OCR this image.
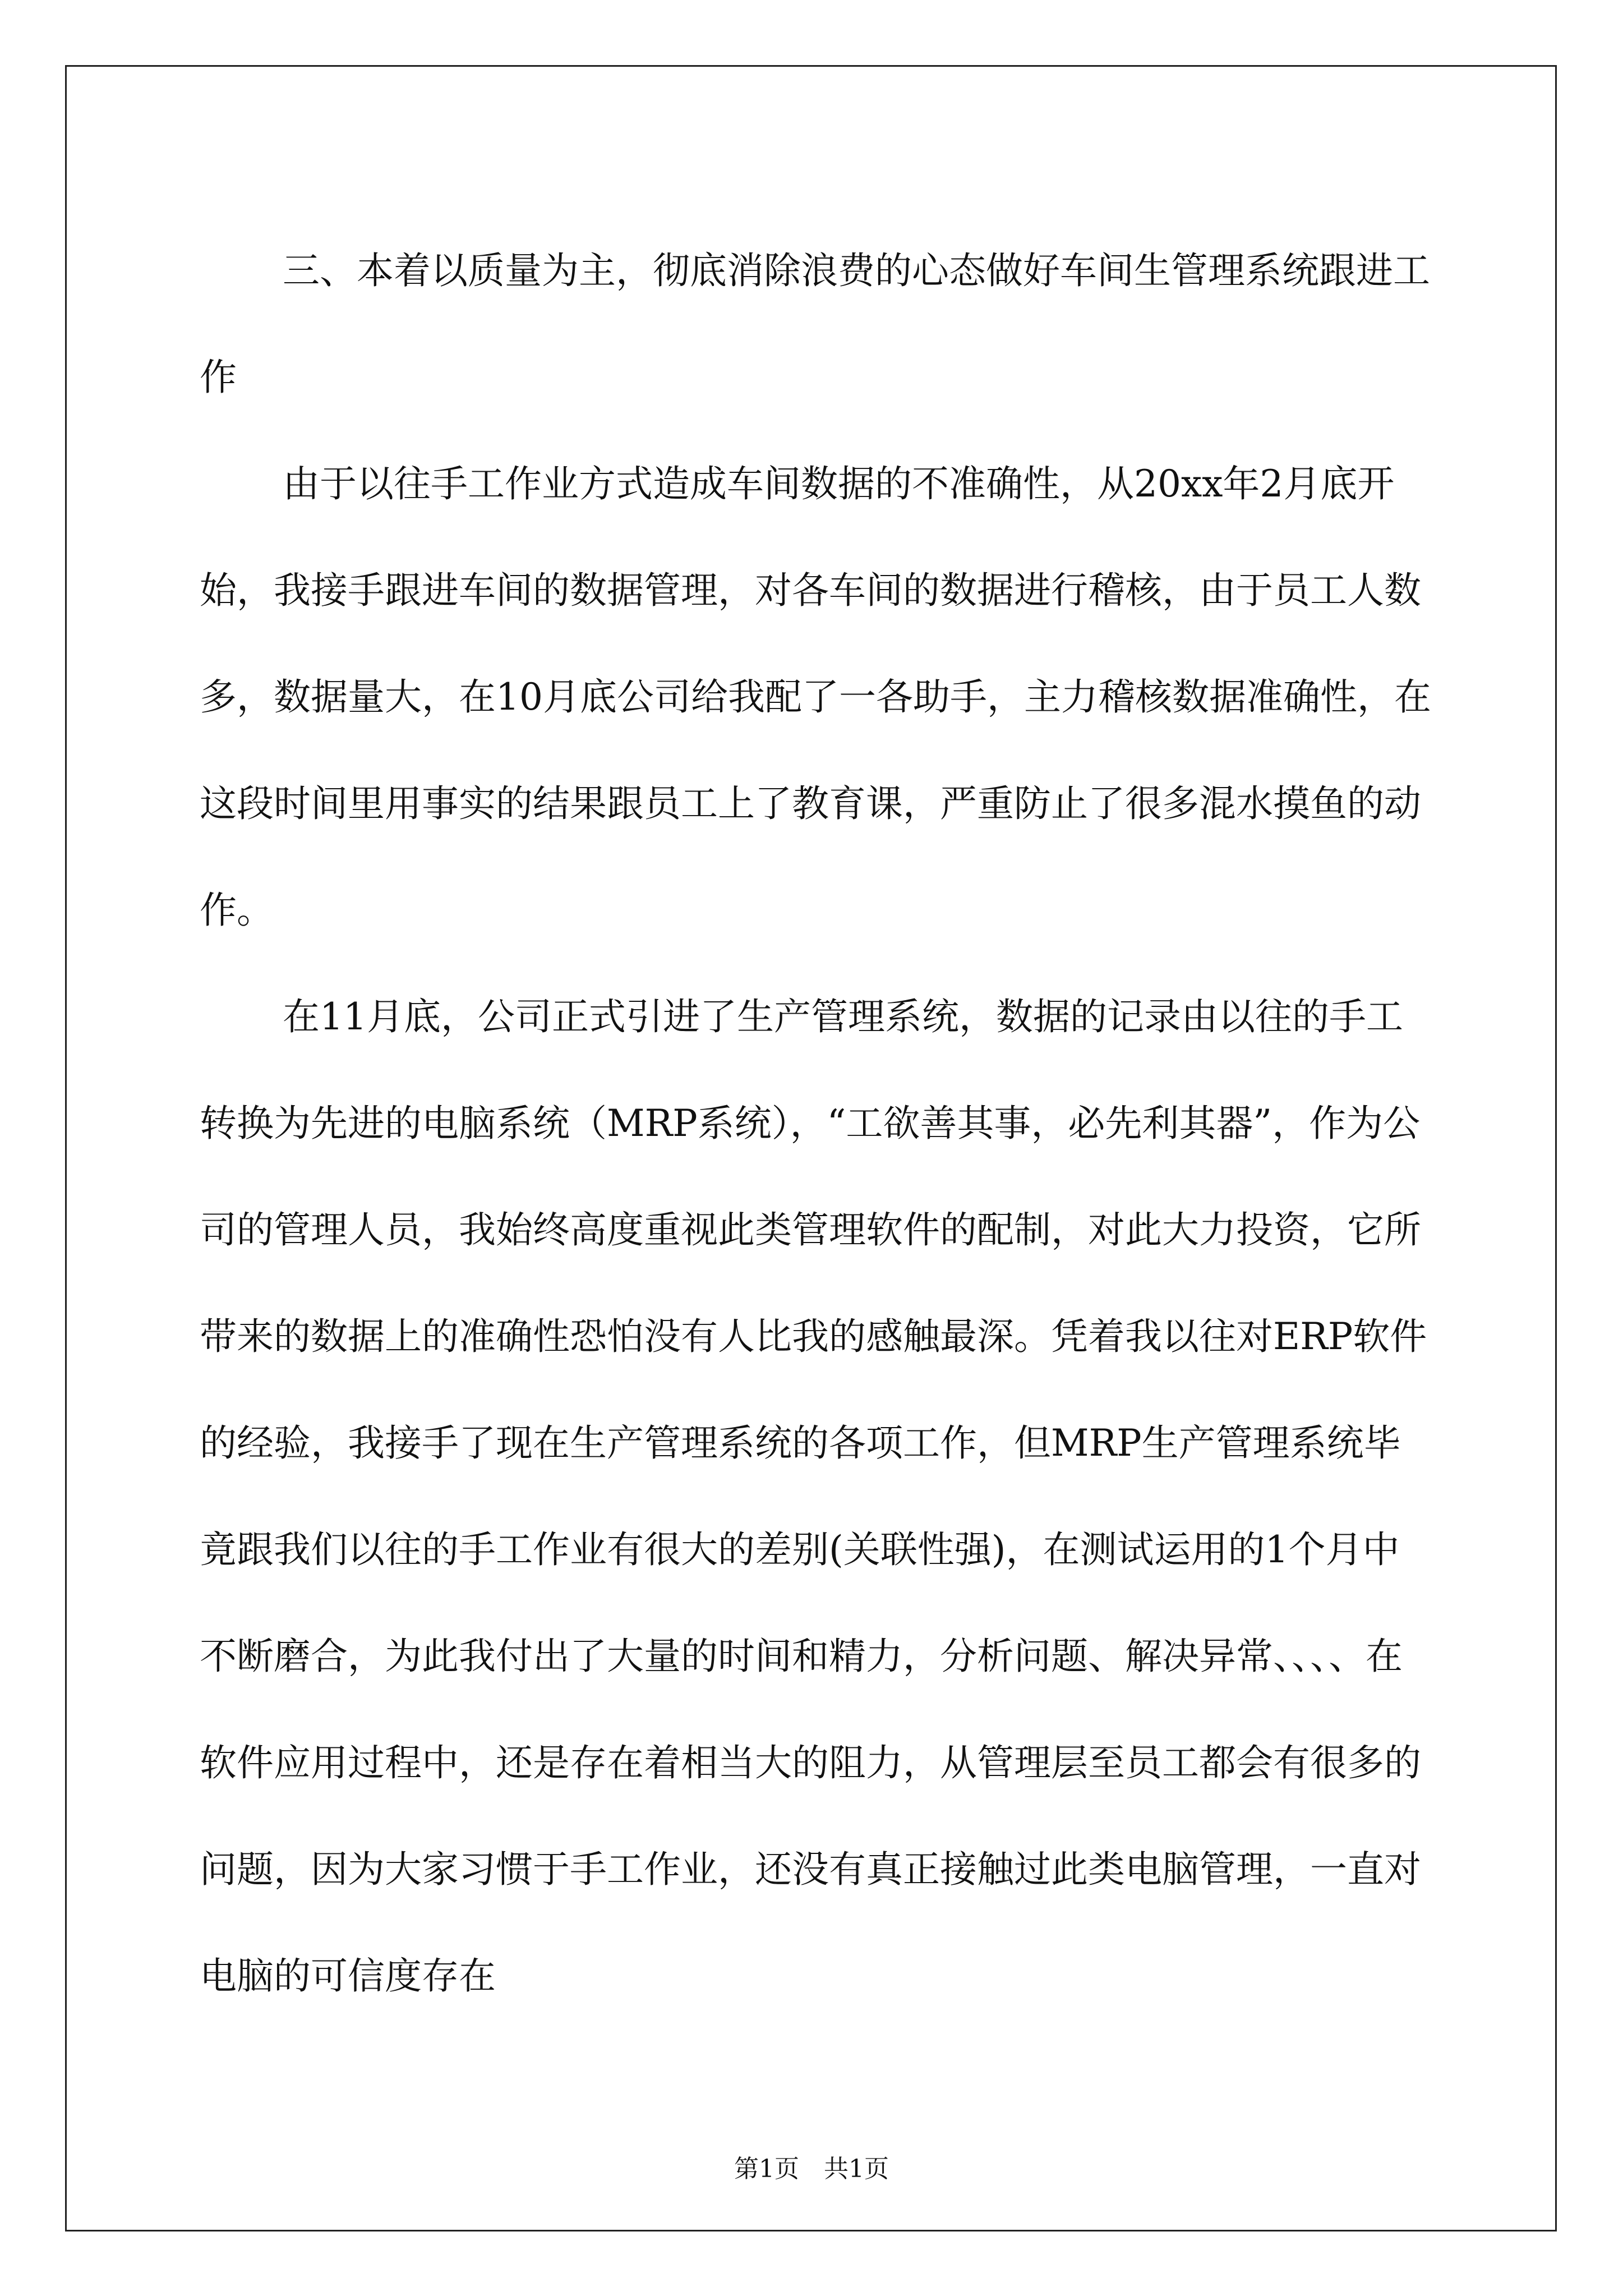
三、本着以质量为主，彻底消除浪费的心态做好车间生管理系统跟进工作

由于以往手工作业方式造成车间数据的不准确性，从20xx年2月底开始，我接手跟进车间的数据管理，对各车间的数据进行稽核，由于员工人数多，数据量大，在10月底公司给我配了一各助手，主力稽核数据准确性，在这段时间里用事实的结果跟员工上了教育课，严重防止了很多混水摸鱼的动作。

在11月底，公司正式引进了生产管理系统，数据的记录由以往的手工转换为先进的电脑系统（MRP系统），“工欲善其事，必先利其器”，作为公司的管理人员，我始终高度重视此类管理软件的配制，对此大力投资，它所带来的数据上的准确性恐怕没有人比我的感触最深。凭着我以往对ERP软件的经验，我接手了现在生产管理系统的各项工作，但MRP生产管理系统毕竟跟我们以往的手工作业有很大的差别(关联性强)，在测试运用的1个月中不断磨合，为此我付出了大量的时间和精力，分析问题、解决异常、、、、在软件应用过程中，还是存在着相当大的阻力，从管理层至员工都会有很多的问题，因为大家习惯于手工作业，还没有真正接触过此类电脑管理，一直对电脑的可信度存在

第1页　共1页
